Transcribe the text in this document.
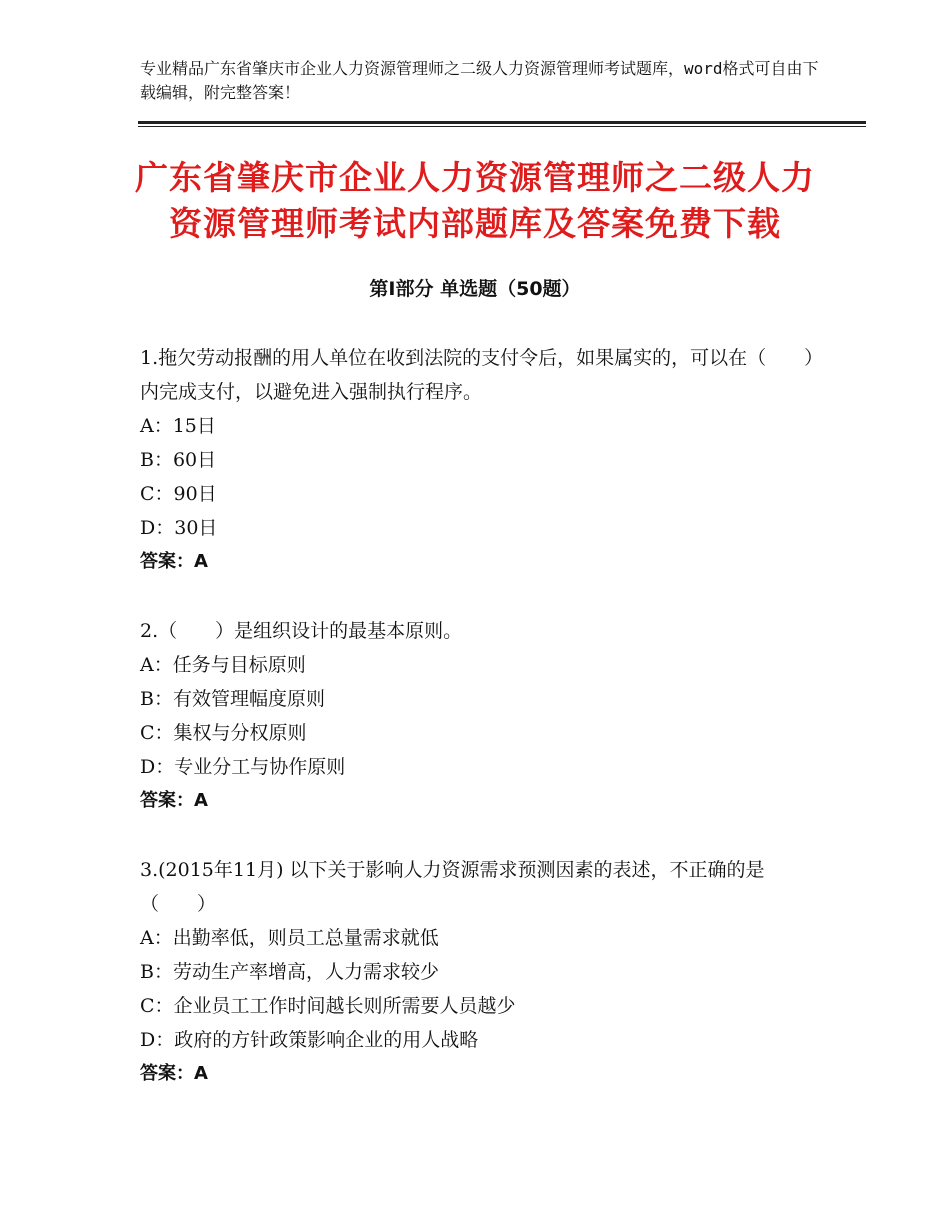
专业精品广东省肇庆市企业人力资源管理师之二级人力资源管理师考试题库，word格式可自由下载编辑，附完整答案！
广东省肇庆市企业人力资源管理师之二级人力资源管理师考试内部题库及答案免费下载
第Ⅰ部分 单选题（50题）

1.拖欠劳动报酬的用人单位在收到法院的支付令后，如果属实的，可以在（　　）内完成支付，以避免进入强制执行程序。

A：15日

B：60日

C：90日

D：30日

答案：A

2.（　　）是组织设计的最基本原则。

A：任务与目标原则

B：有效管理幅度原则

C：集权与分权原则

D：专业分工与协作原则

答案：A

3.(2015年11月) 以下关于影响人力资源需求预测因素的表述，不正确的是 （　　）

A：出勤率低，则员工总量需求就低

B：劳动生产率增高，人力需求较少

C：企业员工工作时间越长则所需要人员越少

D：政府的方针政策影响企业的用人战略

答案：A
